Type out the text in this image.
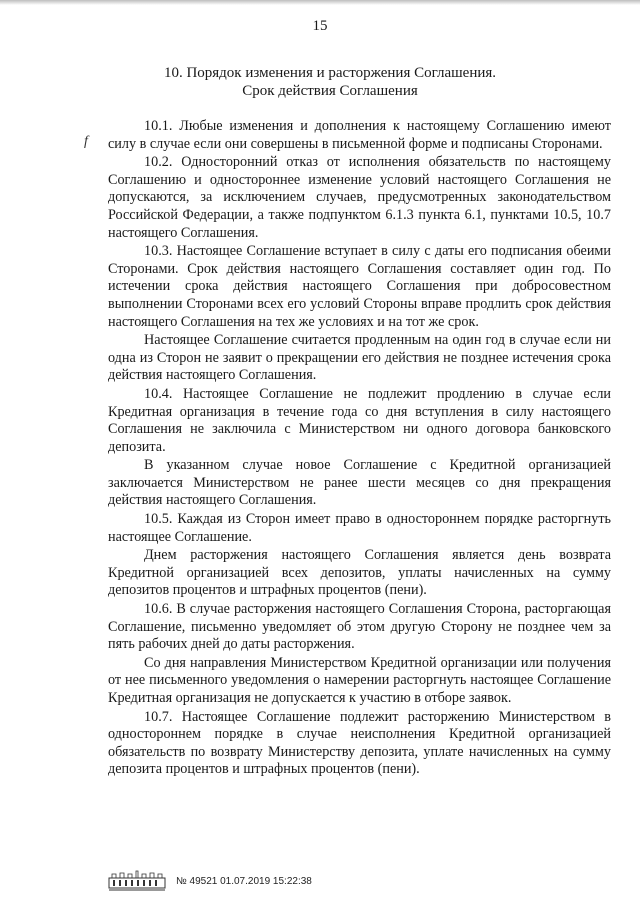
15
10. Порядок изменения и расторжения Соглашения.
Срок действия Соглашения
f

10.1. Любые изменения и дополнения к настоящему Соглашению имеют силу в случае если они совершены в письменной форме и подписаны Сторонами.

10.2. Односторонний отказ от исполнения обязательств по настоящему Соглашению и одностороннее изменение условий настоящего Соглашения не допускаются, за исключением случаев, предусмотренных законодательством Российской Федерации, а также подпунктом 6.1.3 пункта 6.1, пунктами 10.5, 10.7 настоящего Соглашения.

10.3. Настоящее Соглашение вступает в силу с даты его подписания обеими Сторонами. Срок действия настоящего Соглашения составляет один год. По истечении срока действия настоящего Соглашения при добросовестном выполнении Сторонами всех его условий Стороны вправе продлить срок действия настоящего Соглашения на тех же условиях и на тот же срок.

Настоящее Соглашение считается продленным на один год в случае если ни одна из Сторон не заявит о прекращении его действия не позднее истечения срока действия настоящего Соглашения.

10.4. Настоящее Соглашение не подлежит продлению в случае если Кредитная организация в течение года со дня вступления в силу настоящего Соглашения не заключила с Министерством ни одного договора банковского депозита.

В указанном случае новое Соглашение с Кредитной организацией заключается Министерством не ранее шести месяцев со дня прекращения действия настоящего Соглашения.

10.5. Каждая из Сторон имеет право в одностороннем порядке расторгнуть настоящее Соглашение.

Днем расторжения настоящего Соглашения является день возврата Кредитной организацией всех депозитов, уплаты начисленных на сумму депозитов процентов и штрафных процентов (пени).

10.6. В случае расторжения настоящего Соглашения Сторона, расторгающая Соглашение, письменно уведомляет об этом другую Сторону не позднее чем за пять рабочих дней до даты расторжения.

Со дня направления Министерством Кредитной организации или получения от нее письменного уведомления о намерении расторгнуть настоящее Соглашение Кредитная организация не допускается к участию в отборе заявок.

10.7. Настоящее Соглашение подлежит расторжению Министерством в одностороннем порядке в случае неисполнения Кредитной организацией обязательств по возврату Министерству депозита, уплате начисленных на сумму депозита процентов и штрафных процентов (пени).

№ 49521 01.07.2019 15:22:38
